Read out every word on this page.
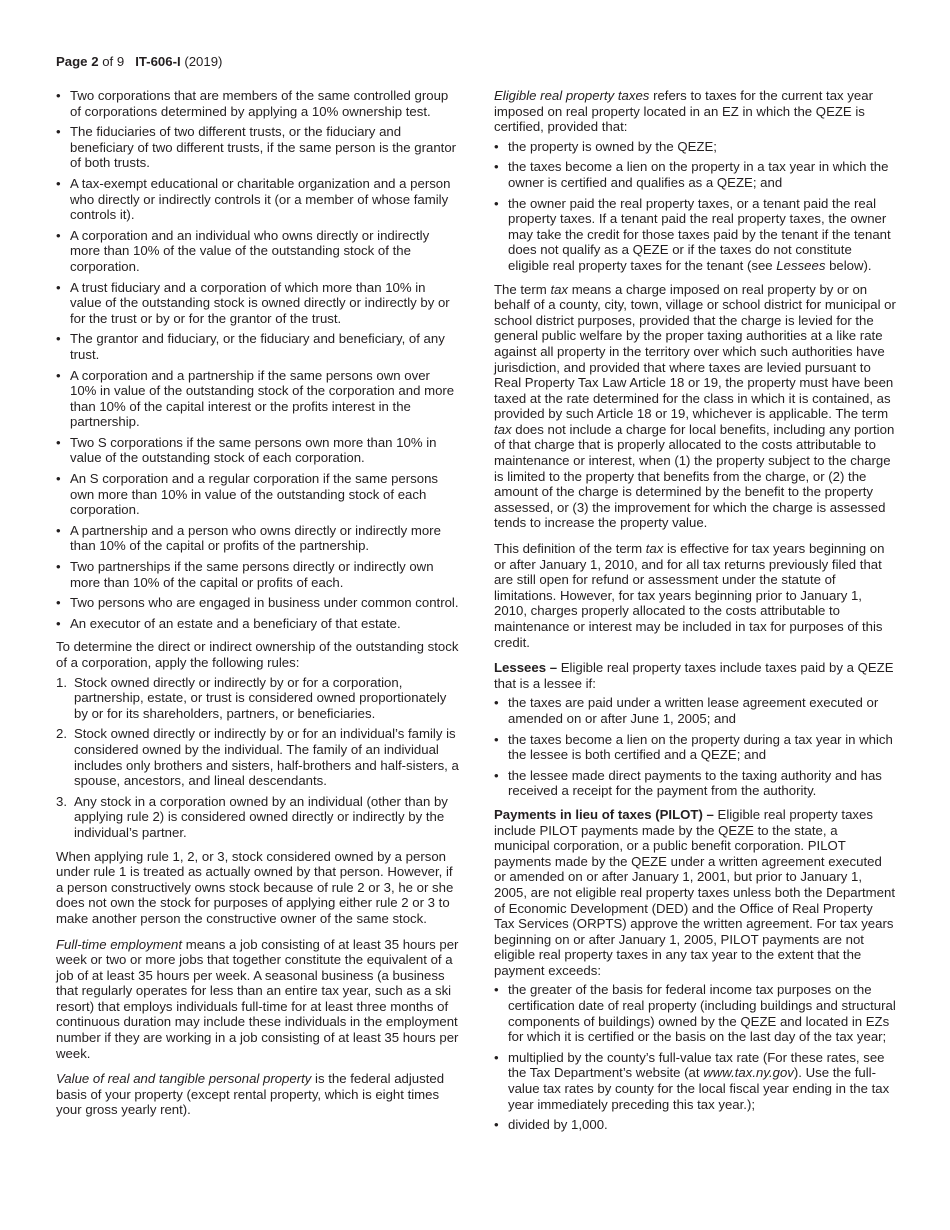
Page 2 of 9 IT-606-I (2019)
• Two corporations that are members of the same controlled group of corporations determined by applying a 10% ownership test.
• The fiduciaries of two different trusts, or the fiduciary and beneficiary of two different trusts, if the same person is the grantor of both trusts.
• A tax-exempt educational or charitable organization and a person who directly or indirectly controls it (or a member of whose family controls it).
• A corporation and an individual who owns directly or indirectly more than 10% of the value of the outstanding stock of the corporation.
• A trust fiduciary and a corporation of which more than 10% in value of the outstanding stock is owned directly or indirectly by or for the trust or by or for the grantor of the trust.
• The grantor and fiduciary, or the fiduciary and beneficiary, of any trust.
• A corporation and a partnership if the same persons own over 10% in value of the outstanding stock of the corporation and more than 10% of the capital interest or the profits interest in the partnership.
• Two S corporations if the same persons own more than 10% in value of the outstanding stock of each corporation.
• An S corporation and a regular corporation if the same persons own more than 10% in value of the outstanding stock of each corporation.
• A partnership and a person who owns directly or indirectly more than 10% of the capital or profits of the partnership.
• Two partnerships if the same persons directly or indirectly own more than 10% of the capital or profits of each.
• Two persons who are engaged in business under common control.
• An executor of an estate and a beneficiary of that estate.

To determine the direct or indirect ownership of the outstanding stock of a corporation, apply the following rules:

1. Stock owned directly or indirectly by or for a corporation, partnership, estate, or trust is considered owned proportionately by or for its shareholders, partners, or beneficiaries.
2. Stock owned directly or indirectly by or for an individual’s family is considered owned by the individual. The family of an individual includes only brothers and sisters, half-brothers and half-sisters, a spouse, ancestors, and lineal descendants.
3. Any stock in a corporation owned by an individual (other than by applying rule 2) is considered owned directly or indirectly by the individual’s partner.

When applying rule 1, 2, or 3, stock considered owned by a person under rule 1 is treated as actually owned by that person. However, if a person constructively owns stock because of rule 2 or 3, he or she does not own the stock for purposes of applying either rule 2 or 3 to make another person the constructive owner of the same stock.

Full-time employment means a job consisting of at least 35 hours per week or two or more jobs that together constitute the equivalent of a job of at least 35 hours per week. A seasonal business (a business that regularly operates for less than an entire tax year, such as a ski resort) that employs individuals full-time for at least three months of continuous duration may include these individuals in the employment number if they are working in a job consisting of at least 35 hours per week.

Value of real and tangible personal property is the federal adjusted basis of your property (except rental property, which is eight times your gross yearly rent).

Eligible real property taxes refers to taxes for the current tax year imposed on real property located in an EZ in which the QEZE is certified, provided that:

• the property is owned by the QEZE;
• the taxes become a lien on the property in a tax year in which the owner is certified and qualifies as a QEZE; and
• the owner paid the real property taxes, or a tenant paid the real property taxes. If a tenant paid the real property taxes, the owner may take the credit for those taxes paid by the tenant if the tenant does not qualify as a QEZE or if the taxes do not constitute eligible real property taxes for the tenant (see Lessees below).

The term tax means a charge imposed on real property by or on behalf of a county, city, town, village or school district for municipal or school district purposes, provided that the charge is levied for the general public welfare by the proper taxing authorities at a like rate against all property in the territory over which such authorities have jurisdiction, and provided that where taxes are levied pursuant to Real Property Tax Law Article 18 or 19, the property must have been taxed at the rate determined for the class in which it is contained, as provided by such Article 18 or 19, whichever is applicable. The term tax does not include a charge for local benefits, including any portion of that charge that is properly allocated to the costs attributable to maintenance or interest, when (1) the property subject to the charge is limited to the property that benefits from the charge, or (2) the amount of the charge is determined by the benefit to the property assessed, or (3) the improvement for which the charge is assessed tends to increase the property value.

This definition of the term tax is effective for tax years beginning on or after January 1, 2010, and for all tax returns previously filed that are still open for refund or assessment under the statute of limitations. However, for tax years beginning prior to January 1, 2010, charges properly allocated to the costs attributable to maintenance or interest may be included in tax for purposes of this credit.

Lessees – Eligible real property taxes include taxes paid by a QEZE that is a lessee if:

• the taxes are paid under a written lease agreement executed or amended on or after June 1, 2005; and
• the taxes become a lien on the property during a tax year in which the lessee is both certified and a QEZE; and
• the lessee made direct payments to the taxing authority and has received a receipt for the payment from the authority.

Payments in lieu of taxes (PILOT) – Eligible real property taxes include PILOT payments made by the QEZE to the state, a municipal corporation, or a public benefit corporation. PILOT payments made by the QEZE under a written agreement executed or amended on or after January 1, 2001, but prior to January 1, 2005, are not eligible real property taxes unless both the Department of Economic Development (DED) and the Office of Real Property Tax Services (ORPTS) approve the written agreement. For tax years beginning on or after January 1, 2005, PILOT payments are not eligible real property taxes in any tax year to the extent that the payment exceeds:

• the greater of the basis for federal income tax purposes on the certification date of real property (including buildings and structural components of buildings) owned by the QEZE and located in EZs for which it is certified or the basis on the last day of the tax year;
• multiplied by the county’s full-value tax rate (For these rates, see the Tax Department’s website (at www.tax.ny.gov). Use the full-value tax rates by county for the local fiscal year ending in the tax year immediately preceding this tax year.);
• divided by 1,000.
